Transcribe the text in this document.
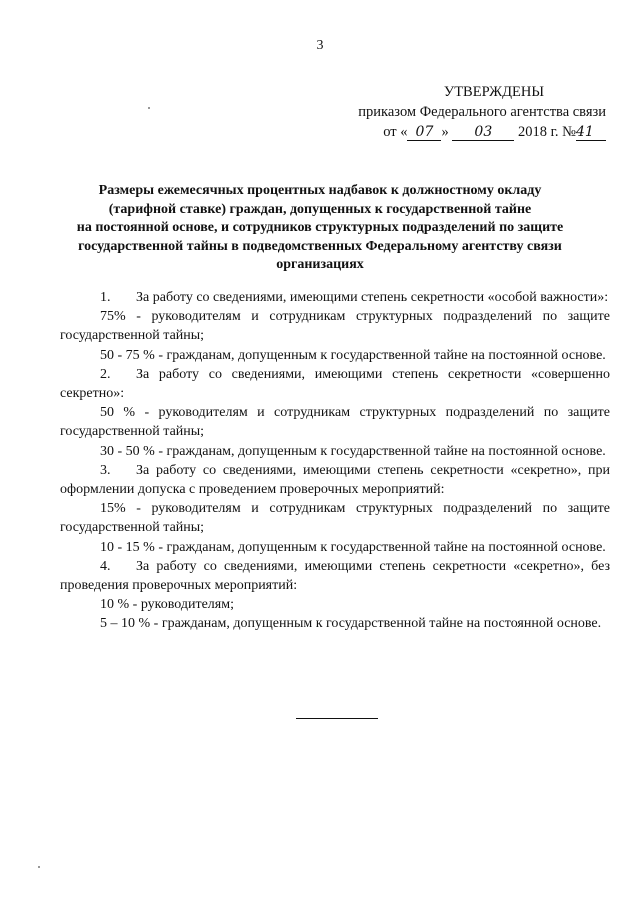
3
УТВЕРЖДЕНЫ
приказом Федерального агентства связи
от « 07 » 03 2018 г. №41
Размеры ежемесячных процентных надбавок к должностному окладу
(тарифной ставке) граждан, допущенных к государственной тайне
на постоянной основе, и сотрудников структурных подразделений по защите
государственной тайны в подведомственных Федеральному агентству связи
организациях

1. За работу со сведениями, имеющими степень секретности «особой важности»:

75% - руководителям и сотрудникам структурных подразделений по защите государственной тайны;

50 - 75 % - гражданам, допущенным к государственной тайне на постоянной основе.

2. За работу со сведениями, имеющими степень секретности «совершенно секретно»:

50 % - руководителям и сотрудникам структурных подразделений по защите государственной тайны;

30 - 50 % - гражданам, допущенным к государственной тайне на постоянной основе.

3. За работу со сведениями, имеющими степень секретности «секретно», при оформлении допуска с проведением проверочных мероприятий:

15% - руководителям и сотрудникам структурных подразделений по защите государственной тайны;

10 - 15 % - гражданам, допущенным к государственной тайне на постоянной основе.

4. За работу со сведениями, имеющими степень секретности «секретно», без проведения проверочных мероприятий:

10 % - руководителям;

5 – 10 % - гражданам, допущенным к государственной тайне на постоянной основе.
